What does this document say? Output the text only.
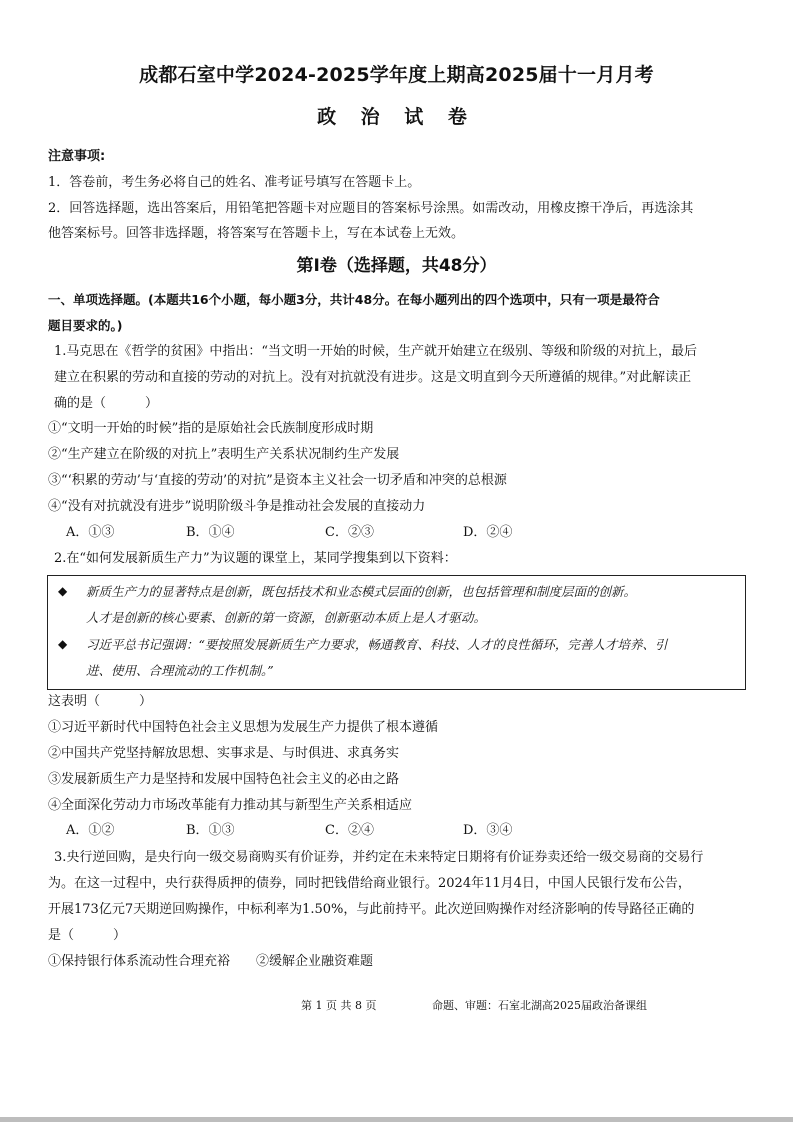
成都石室中学2024-2025学年度上期高2025届十一月月考
政 治 试 卷
注意事项:
1．答卷前，考生务必将自己的姓名、准考证号填写在答题卡上。
2．回答选择题，选出答案后，用铅笔把答题卡对应题目的答案标号涂黑。如需改动，用橡皮擦干净后，再选涂其
他答案标号。回答非选择题，将答案写在答题卡上，写在本试卷上无效。
第Ⅰ卷（选择题，共48分）
一、单项选择题。(本题共16个小题，每小题3分，共计48分。在每小题列出的四个选项中，只有一项是最符合
题目要求的。)
1.马克思在《哲学的贫困》中指出：“当文明一开始的时候，生产就开始建立在级别、等级和阶级的对抗上，最后
建立在积累的劳动和直接的劳动的对抗上。没有对抗就没有进步。这是文明直到今天所遵循的规律。”对此解读正
确的是（　　　）
①“文明一开始的时候”指的是原始社会氏族制度形成时期
②“生产建立在阶级的对抗上”表明生产关系状况制约生产发展
③“‘积累的劳动’与‘直接的劳动’的对抗”是资本主义社会一切矛盾和冲突的总根源
④“没有对抗就没有进步”说明阶级斗争是推动社会发展的直接动力
A．①③	B．①④	C．②③	D．②④
2.在“如何发展新质生产力”为议题的课堂上，某同学搜集到以下资料：
◆ 新质生产力的显著特点是创新，既包括技术和业态模式层面的创新，也包括管理和制度层面的创新。
人才是创新的核心要素、创新的第一资源，创新驱动本质上是人才驱动。
◆ 习近平总书记强调：“要按照发展新质生产力要求，畅通教育、科技、人才的良性循环，完善人才培养、引
进、使用、合理流动的工作机制。”
这表明（　　　）
①习近平新时代中国特色社会主义思想为发展生产力提供了根本遵循
②中国共产党坚持解放思想、实事求是、与时俱进、求真务实
③发展新质生产力是坚持和发展中国特色社会主义的必由之路
④全面深化劳动力市场改革能有力推动其与新型生产关系相适应
A．①②	B．①③	C．②④	D．③④
3.央行逆回购，是央行向一级交易商购买有价证券，并约定在未来特定日期将有价证券卖还给一级交易商的交易行
为。在这一过程中，央行获得质押的债券，同时把钱借给商业银行。2024年11月4日，中国人民银行发布公告，
开展173亿元7天期逆回购操作，中标利率为1.50%，与此前持平。此次逆回购操作对经济影响的传导路径正确的
是（　　　）
①保持银行体系流动性合理充裕　　②缓解企业融资难题
第 1 页 共 8 页	命题、审题：石室北湖高2025届政治备课组
